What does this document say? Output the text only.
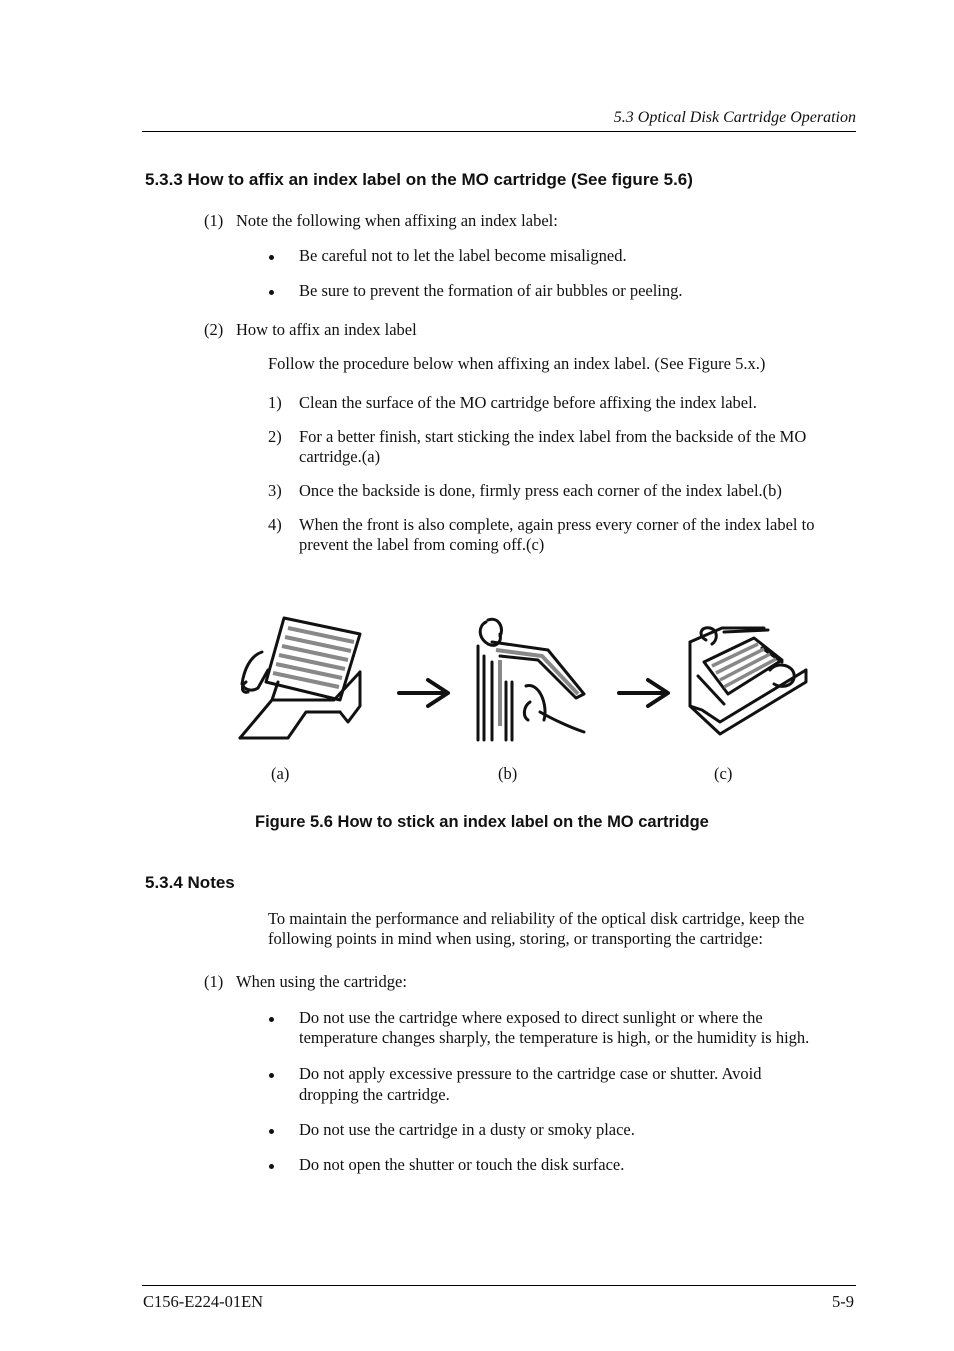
5.3 Optical Disk Cartridge Operation
5.3.3 How to affix an index label on the MO cartridge (See figure 5.6)
(1) Note the following when affixing an index label:
Be careful not to let the label become misaligned.
Be sure to prevent the formation of air bubbles or peeling.
(2) How to affix an index label
Follow the procedure below when affixing an index label. (See Figure 5.x.)
1) Clean the surface of the MO cartridge before affixing the index label.
2) For a better finish, start sticking the index label from the backside of the MO
cartridge.(a)
3) Once the backside is done, firmly press each corner of the index label.(b)
4) When the front is also complete, again press every corner of the index label to
prevent the label from coming off.(c)
(a)	(b)	(c)
Figure 5.6 How to stick an index label on the MO cartridge
5.3.4 Notes
To maintain the performance and reliability of the optical disk cartridge, keep the
following points in mind when using, storing, or transporting the cartridge:
(1) When using the cartridge:
Do not use the cartridge where exposed to direct sunlight or where the
temperature changes sharply, the temperature is high, or the humidity is high.
Do not apply excessive pressure to the cartridge case or shutter. Avoid
dropping the cartridge.
Do not use the cartridge in a dusty or smoky place.
Do not open the shutter or touch the disk surface.
C156-E224-01EN	5-9
